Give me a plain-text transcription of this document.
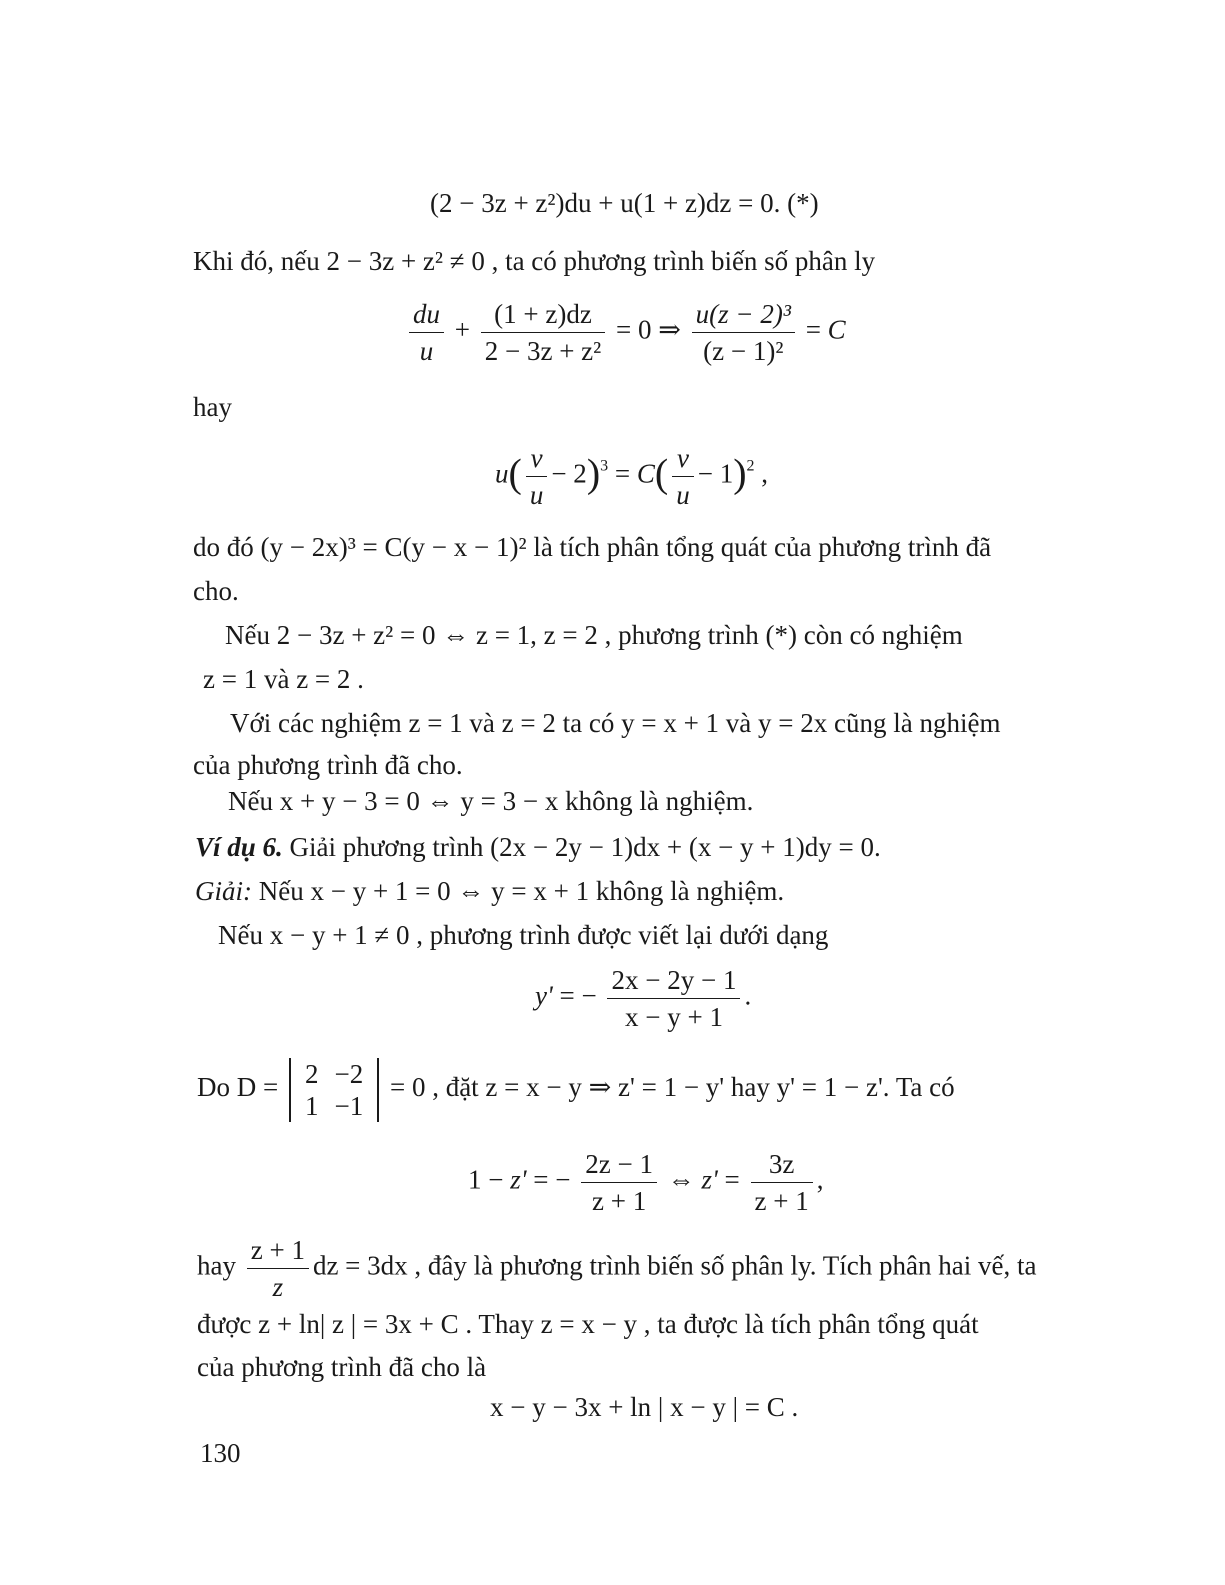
(2 − 3z + z²)du + u(1 + z)dz = 0. (*)
Khi đó, nếu 2 − 3z + z² ≠ 0 , ta có phương trình biến số phân ly
$\frac{du}{u} + \frac{(1 + z)dz}{\text{2 − 3z + z²}} = 0$ ⇒ $\frac{\text{u(z − 2)³}}{\text{(z − 1)²}} = C$
hay
$u( \frac{v}{u} - 2)^3 = C( \frac{v}{u} - 1)^2$ ,
do đó (y − 2x)³ = C(y − x − 1)² là tích phân tổng quát của phương trình đã
cho.
Nếu 2 − 3z + z² = 0 ⇔ z = 1, z = 2 , phương trình (*) còn có nghiệm
z = 1 và z = 2 .
Với các nghiệm z = 1 và z = 2 ta có y = x + 1 và y = 2x cũng là nghiệm
của phương trình đã cho.
Nếu x + y − 3 = 0 ⇔ y = 3 − x không là nghiệm.
Ví dụ 6. Giải phương trình (2x − 2y − 1)dx + (x − y + 1)dy = 0.
Giải: Nếu x − y + 1 = 0 ⇔ y = x + 1 không là nghiệm.
Nếu x − y + 1 ≠ 0 , phương trình được viết lại dưới dạng
y' = − $\frac{2x - 2y - 1}{x - y + 1}$ .
Do D = 2	−2
1	−1
= 0 , đặt z = x − y ⇒ z' = 1 − y' hay y' = 1 − z'. Ta có
1 − z' = − $\frac{2z - 1}{z + 1}$ ⇔ $z' = \frac{3z}{z + 1}$ ,
hay $\frac{z + 1}{z}$ dz = 3dx , đây là phương trình biến số phân ly. Tích phân hai vế, ta
được z + ln| z | = 3x + C . Thay z = x − y , ta được là tích phân tổng quát
của phương trình đã cho là
x − y − 3x + ln | x − y | = C .
130
